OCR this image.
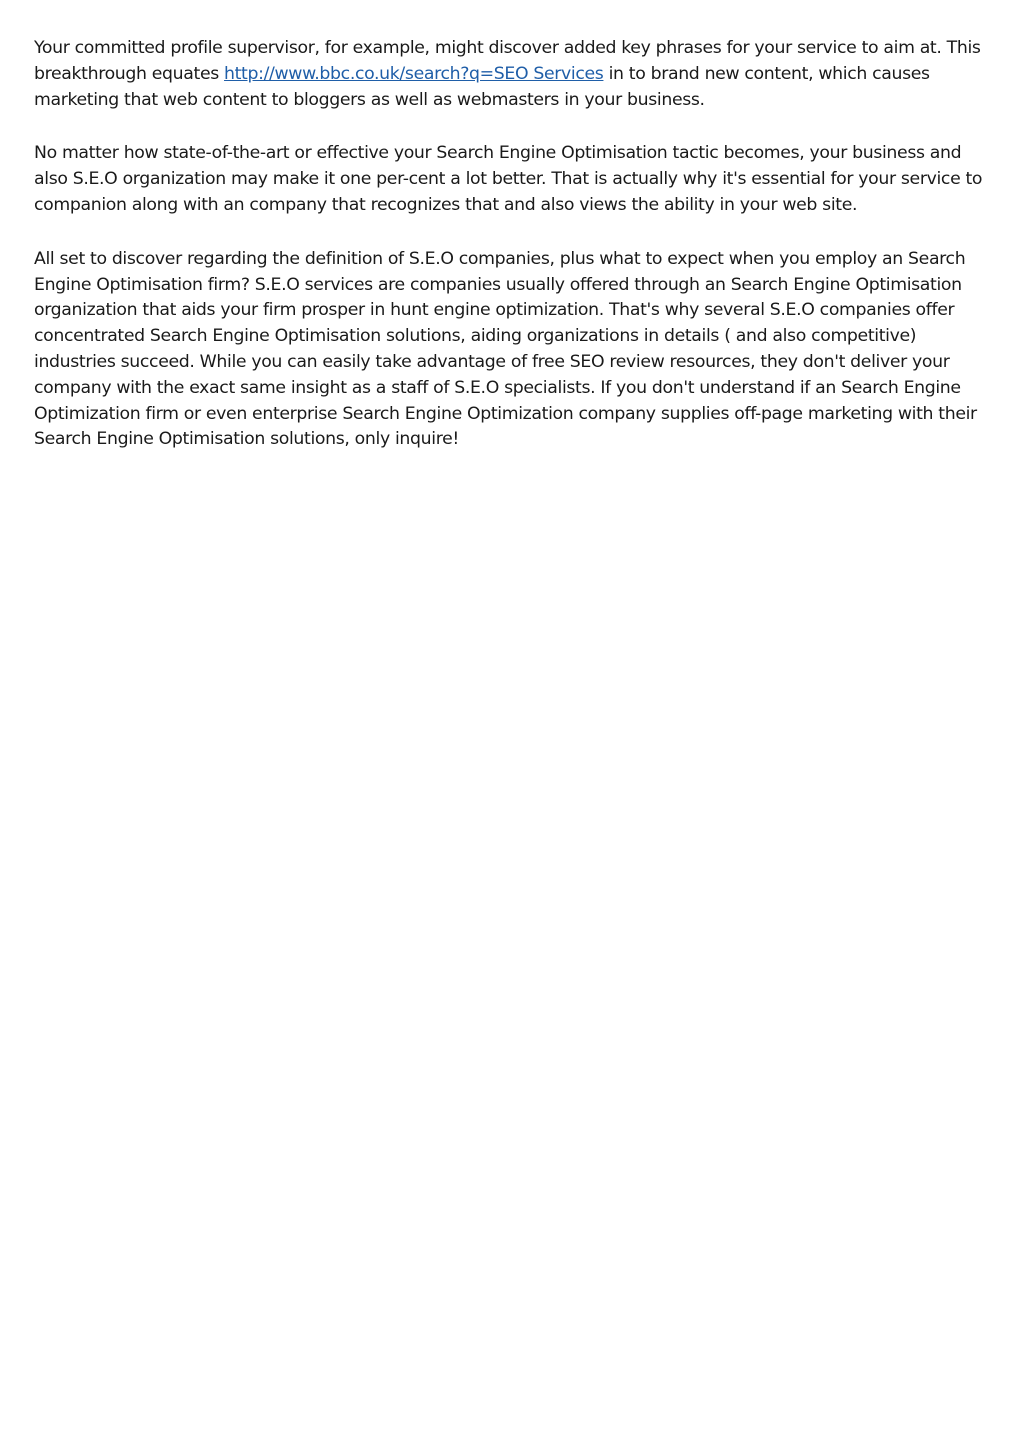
Your committed profile supervisor, for example, might discover added key phrases for your service to aim at. This breakthrough equates http://www.bbc.co.uk/search?q=SEO Services in to brand new content, which causes marketing that web content to bloggers as well as webmasters in your business.

No matter how state-of-the-art or effective your Search Engine Optimisation tactic becomes, your business and also S.E.O organization may make it one per-cent a lot better. That is actually why it's essential for your service to companion along with an company that recognizes that and also views the ability in your web site.

All set to discover regarding the definition of S.E.O companies, plus what to expect when you employ an Search Engine Optimisation firm? S.E.O services are companies usually offered through an Search Engine Optimisation organization that aids your firm prosper in hunt engine optimization. That's why several S.E.O companies offer concentrated Search Engine Optimisation solutions, aiding organizations in details ( and also competitive) industries succeed. While you can easily take advantage of free SEO review resources, they don't deliver your company with the exact same insight as a staff of S.E.O specialists. If you don't understand if an Search Engine Optimization firm or even enterprise Search Engine Optimization company supplies off-page marketing with their Search Engine Optimisation solutions, only inquire!
